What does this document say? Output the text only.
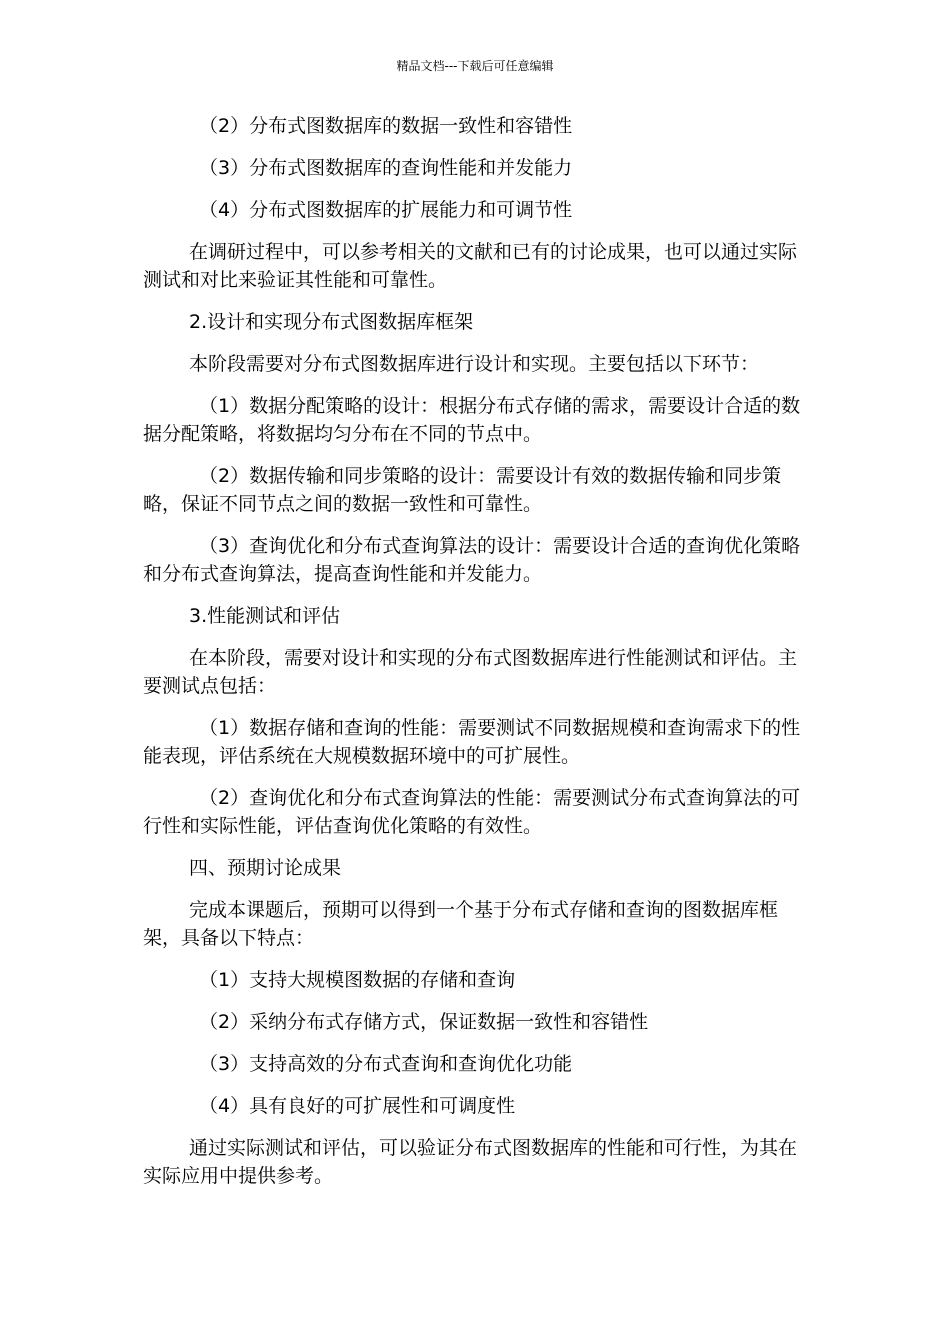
精品文档---下载后可任意编辑

（2）分布式图数据库的数据一致性和容错性

（3）分布式图数据库的查询性能和并发能力

（4）分布式图数据库的扩展能力和可调节性

在调研过程中，可以参考相关的文献和已有的讨论成果，也可以通过实际测试和对比来验证其性能和可靠性。

2.设计和实现分布式图数据库框架

本阶段需要对分布式图数据库进行设计和实现。主要包括以下环节：

（1）数据分配策略的设计：根据分布式存储的需求，需要设计合适的数据分配策略，将数据均匀分布在不同的节点中。

（2）数据传输和同步策略的设计：需要设计有效的数据传输和同步策略，保证不同节点之间的数据一致性和可靠性。

（3）查询优化和分布式查询算法的设计：需要设计合适的查询优化策略和分布式查询算法，提高查询性能和并发能力。

3.性能测试和评估

在本阶段，需要对设计和实现的分布式图数据库进行性能测试和评估。主要测试点包括：

（1）数据存储和查询的性能：需要测试不同数据规模和查询需求下的性能表现，评估系统在大规模数据环境中的可扩展性。

（2）查询优化和分布式查询算法的性能：需要测试分布式查询算法的可行性和实际性能，评估查询优化策略的有效性。

四、预期讨论成果

完成本课题后，预期可以得到一个基于分布式存储和查询的图数据库框架，具备以下特点：

（1）支持大规模图数据的存储和查询

（2）采纳分布式存储方式，保证数据一致性和容错性

（3）支持高效的分布式查询和查询优化功能

（4）具有良好的可扩展性和可调度性

通过实际测试和评估，可以验证分布式图数据库的性能和可行性，为其在实际应用中提供参考。
